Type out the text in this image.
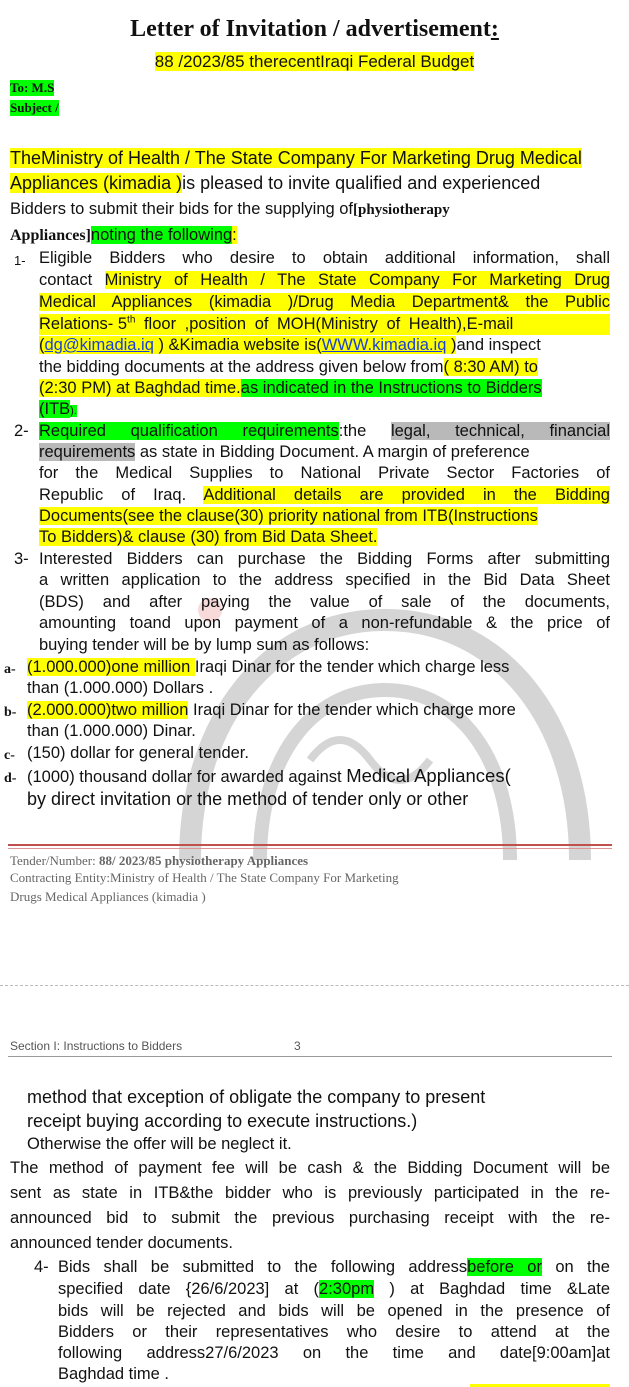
Letter of Invitation / advertisement:
88 /2023/85 therecentIraqi Federal Budget
To: M.S
Subject /
TheMinistry of Health / The State Company For Marketing Drug Medical
Appliances (kimadia )is pleased to invite qualified and experienced
Bidders to submit their bids for the supplying of[physiotherapy
Appliances]noting the following:
1- Eligible Bidders who desire to obtain additional information, shall
contact Ministry of Health / The State Company For Marketing Drug
Medical Appliances (kimadia )/Drug Media Department& the Public
Relations- 5th floor ,position of MOH(Ministry of Health),E-mail
(dg@kimadia.iq ) &Kimadia website is(WWW.kimadia.iq )and inspect
the bidding documents at the address given below from( 8:30 AM) to
(2:30 PM) at Baghdad time.as indicated in the Instructions to Bidders
(ITB).
2- Required qualification requirements:the legal, technical, financial
requirements as state in Bidding Document. A margin of preference
for the Medical Supplies to National Private Sector Factories of
Republic of Iraq. Additional details are provided in the Bidding
Documents(see the clause(30) priority national from ITB(Instructions
To Bidders)& clause (30) from Bid Data Sheet.
3- Interested Bidders can purchase the Bidding Forms after submitting
a written application to the address specified in the Bid Data Sheet
(BDS) and after paying the value of sale of the documents,
amounting toand upon payment of a non-refundable & the price of
buying tender will be by lump sum as follows:
a- (1.000.000)one million Iraqi Dinar for the tender which charge less
than (1.000.000) Dollars .
b- (2.000.000)two million Iraqi Dinar for the tender which charge more
than (1.000.000) Dinar.
c- (150) dollar for general tender.
d- (1000) thousand dollar for awarded against Medical Appliances(
by direct invitation or the method of tender only or other
Tender/Number: 88/ 2023/85 physiotherapy Appliances
Contracting Entity:Ministry of Health / The State Company For Marketing
Drugs Medical Appliances (kimadia )
Section I: Instructions to Bidders	3
method that exception of obligate the company to present
receipt buying according to execute instructions.)
Otherwise the offer will be neglect it.
The method of payment fee will be cash & the Bidding Document will be
sent as state in ITB&the bidder who is previously participated in the re-
announced bid to submit the previous purchasing receipt with the re-
announced tender documents.
4- Bids shall be submitted to the following addressbefore or on the
specified date {26/6/2023] at (2:30pm ) at Baghdad time &Late
bids will be rejected and bids will be opened in the presence of
Bidders or their representatives who desire to attend at the
following address27/6/2023 on the time and date[9:00am]at
Baghdad time .
